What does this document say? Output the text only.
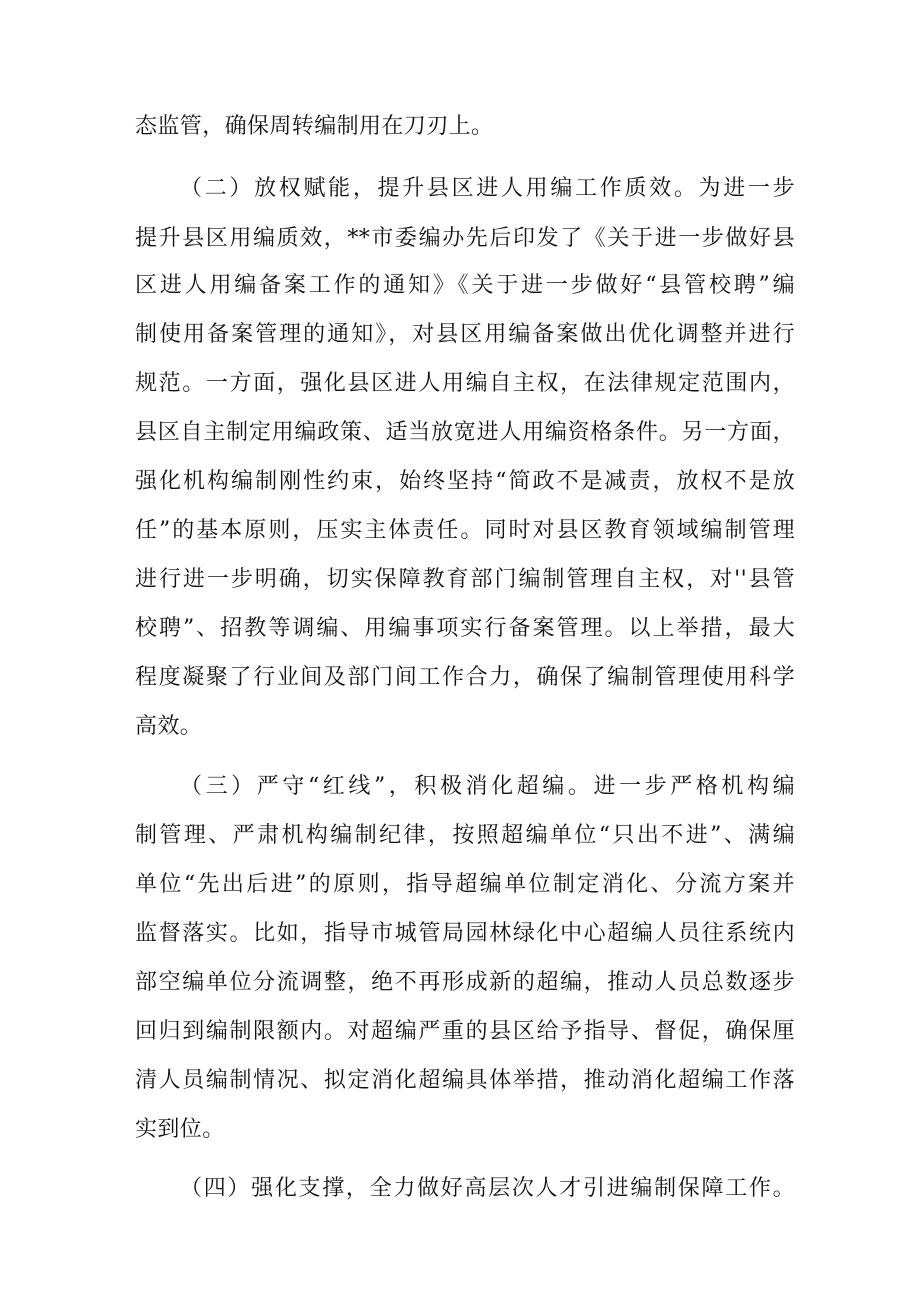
态监管，确保周转编制用在刀刃上。
（二）放权赋能，提升县区进人用编工作质效。为进一步
提升县区用编质效，**市委编办先后印发了《关于进一步做好县
区进人用编备案工作的通知》《关于进一步做好“县管校聘”编
制使用备案管理的通知》，对县区用编备案做出优化调整并进行
规范。一方面，强化县区进人用编自主权，在法律规定范围内，
县区自主制定用编政策、适当放宽进人用编资格条件。另一方面，
强化机构编制刚性约束，始终坚持“简政不是减责，放权不是放
任”的基本原则，压实主体责任。同时对县区教育领域编制管理
进行进一步明确，切实保障教育部门编制管理自主权，对''县管
校聘”、招教等调编、用编事项实行备案管理。以上举措，最大
程度凝聚了行业间及部门间工作合力，确保了编制管理使用科学
高效。
（三）严守“红线”，积极消化超编。进一步严格机构编
制管理、严肃机构编制纪律，按照超编单位“只出不进”、满编
单位“先出后进”的原则，指导超编单位制定消化、分流方案并
监督落实。比如，指导市城管局园林绿化中心超编人员往系统内
部空编单位分流调整，绝不再形成新的超编，推动人员总数逐步
回归到编制限额内。对超编严重的县区给予指导、督促，确保厘
清人员编制情况、拟定消化超编具体举措，推动消化超编工作落
实到位。
（四）强化支撑，全力做好高层次人才引进编制保障工作。
